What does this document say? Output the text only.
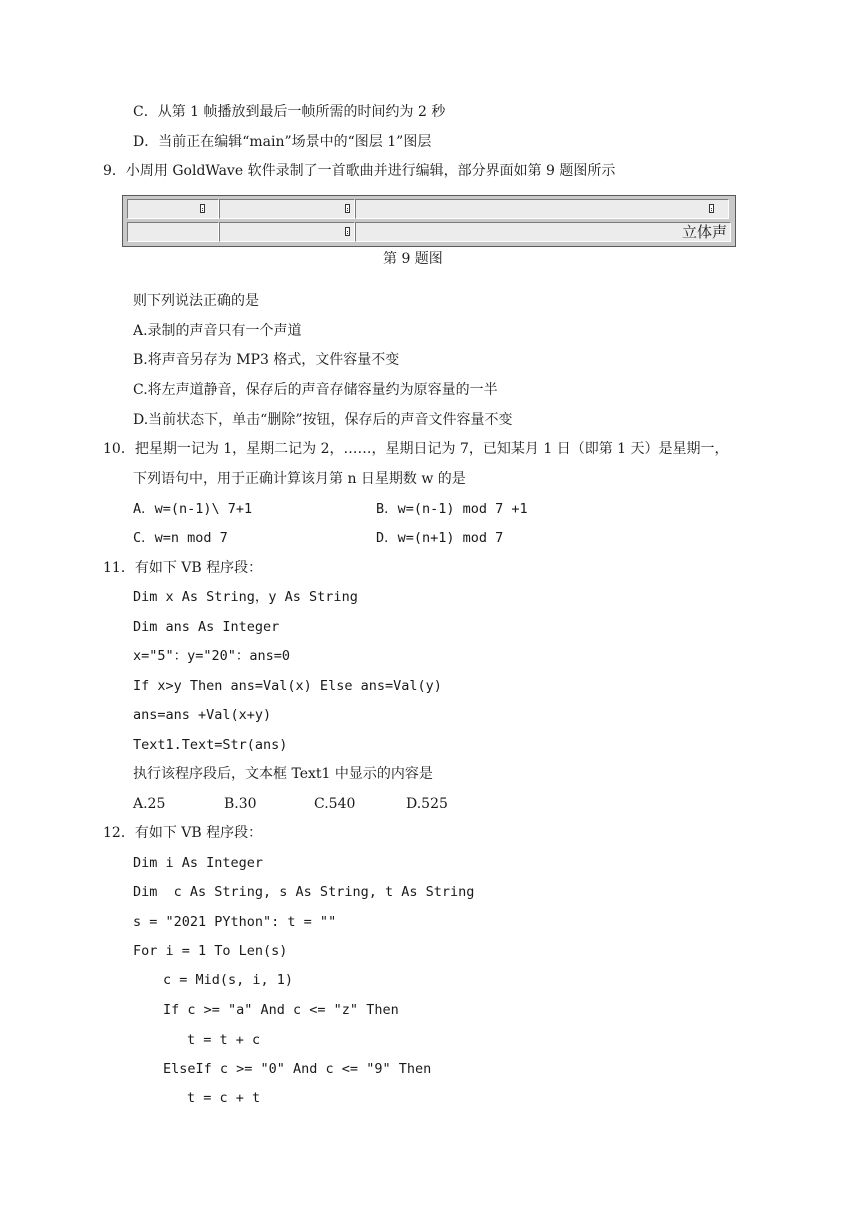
C．从第 1 帧播放到最后一帧所需的时间约为 2 秒
D．当前正在编辑“main”场景中的“图层 1”图层
9．小周用 GoldWave 软件录制了一首歌曲并进行编辑，部分界面如第 9 题图所示

立体声

第 9 题图
则下列说法正确的是
A.录制的声音只有一个声道
B.将声音另存为 MP3 格式，文件容量不变
C.将左声道静音，保存后的声音存储容量约为原容量的一半
D.当前状态下，单击“删除”按钮，保存后的声音文件容量不变
10．把星期一记为 1，星期二记为 2，……，星期日记为 7，已知某月 1 日（即第 1 天）是星期一，
下列语句中，用于正确计算该月第 n 日星期数 w 的是
A．w=(n-1)\ 7+1	B．w=(n-1) mod 7 +1
C．w=n mod 7	D．w=(n+1) mod 7
11．有如下 VB 程序段：
Dim x As String，y As String
Dim ans As Integer
x="5"：y="20"：ans=0
If x>y Then ans=Val(x) Else ans=Val(y)
ans=ans +Val(x+y)
Text1.Text=Str(ans)
执行该程序段后，文本框 Text1 中显示的内容是
A.25	B.30	C.540	D.525
12．有如下 VB 程序段：
Dim i As Integer
Dim  c As String, s As String, t As String
s = "2021 PYthon": t = ""
For i = 1 To Len(s)
c = Mid(s, i, 1)
If c >= "a" And c <= "z" Then
t = t + c
ElseIf c >= "0" And c <= "9" Then
t = c + t
